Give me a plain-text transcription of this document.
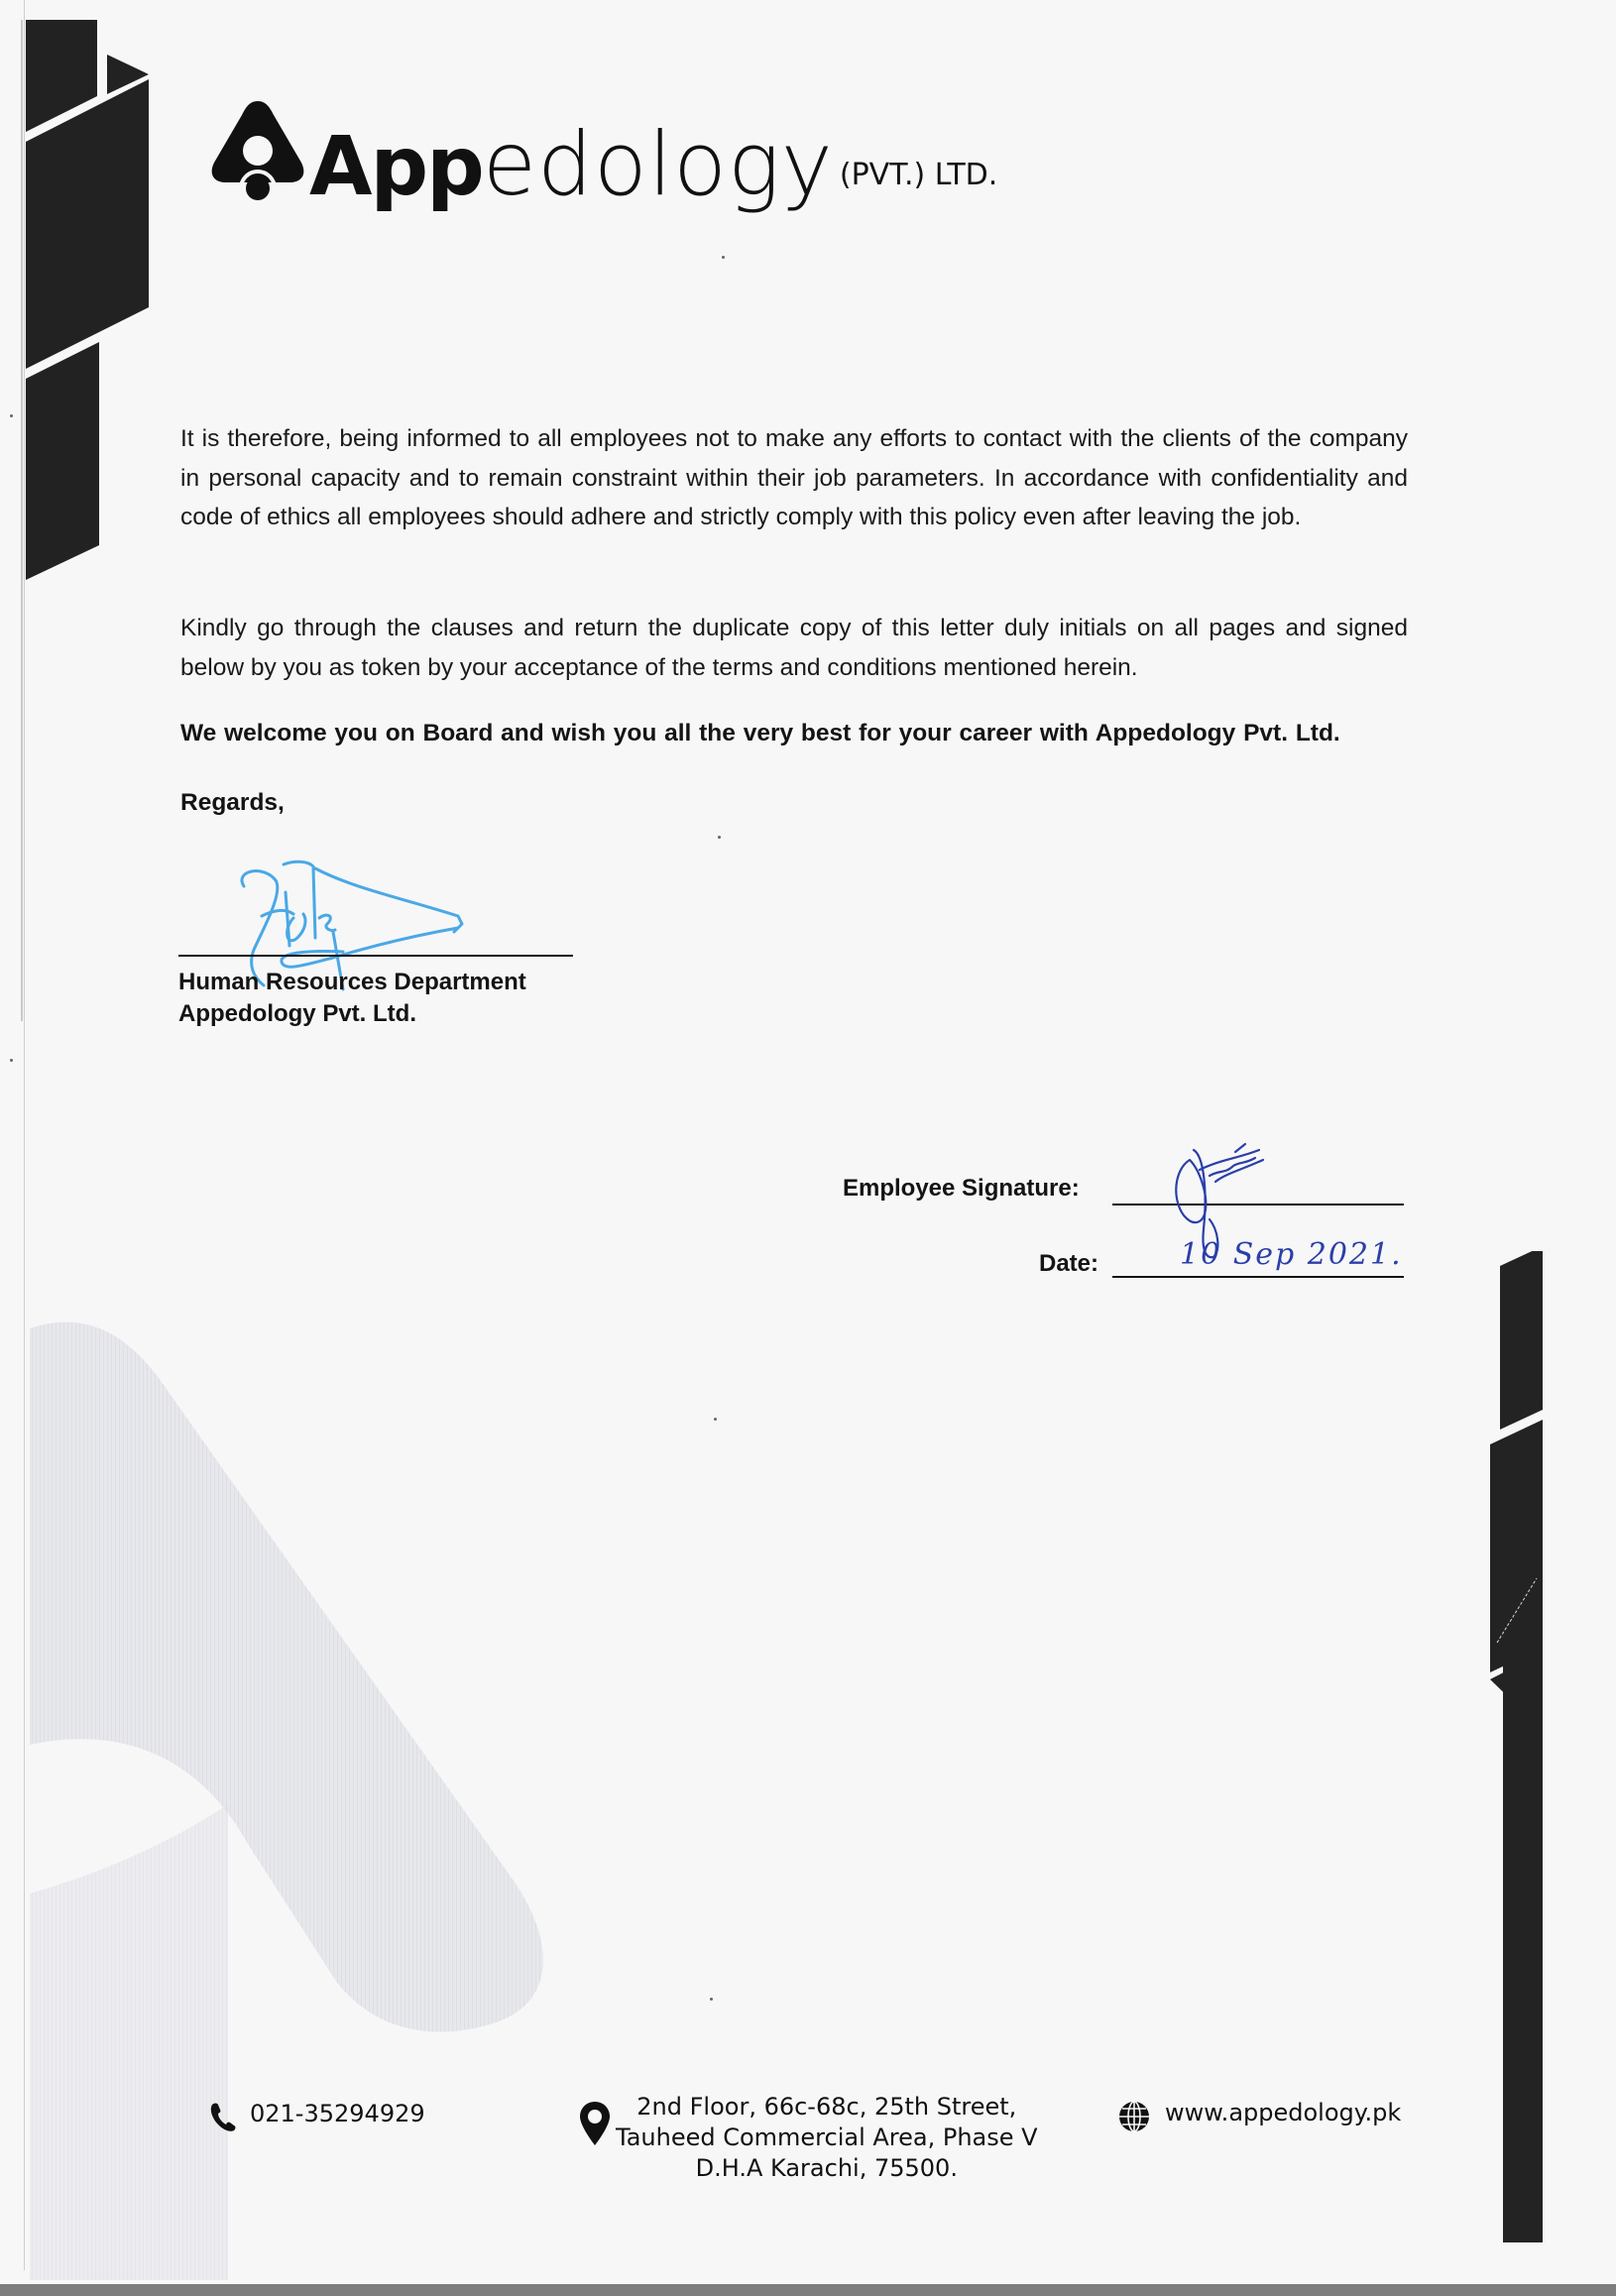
App edology (PVT.) LTD.

It is therefore, being informed to all employees not to make any efforts to contact with the clients of the company in personal capacity and to remain constraint within their job parameters. In accordance with confidentiality and code of ethics all employees should adhere and strictly comply with this policy even after leaving the job.

Kindly go through the clauses and return the duplicate copy of this letter duly initials on all pages and signed below by you as token by your acceptance of the terms and conditions mentioned herein.

We welcome you on Board and wish you all the very best for your career with Appedology Pvt. Ltd.
Regards,
Human Resources Department
Appedology Pvt. Ltd.
Employee Signature:
Date:	10 Sep 2021.
021-35294929	2nd Floor, 66c-68c, 25th Street,
Tauheed Commercial Area, Phase V
D.H.A Karachi, 75500.
www.appedology.pk
